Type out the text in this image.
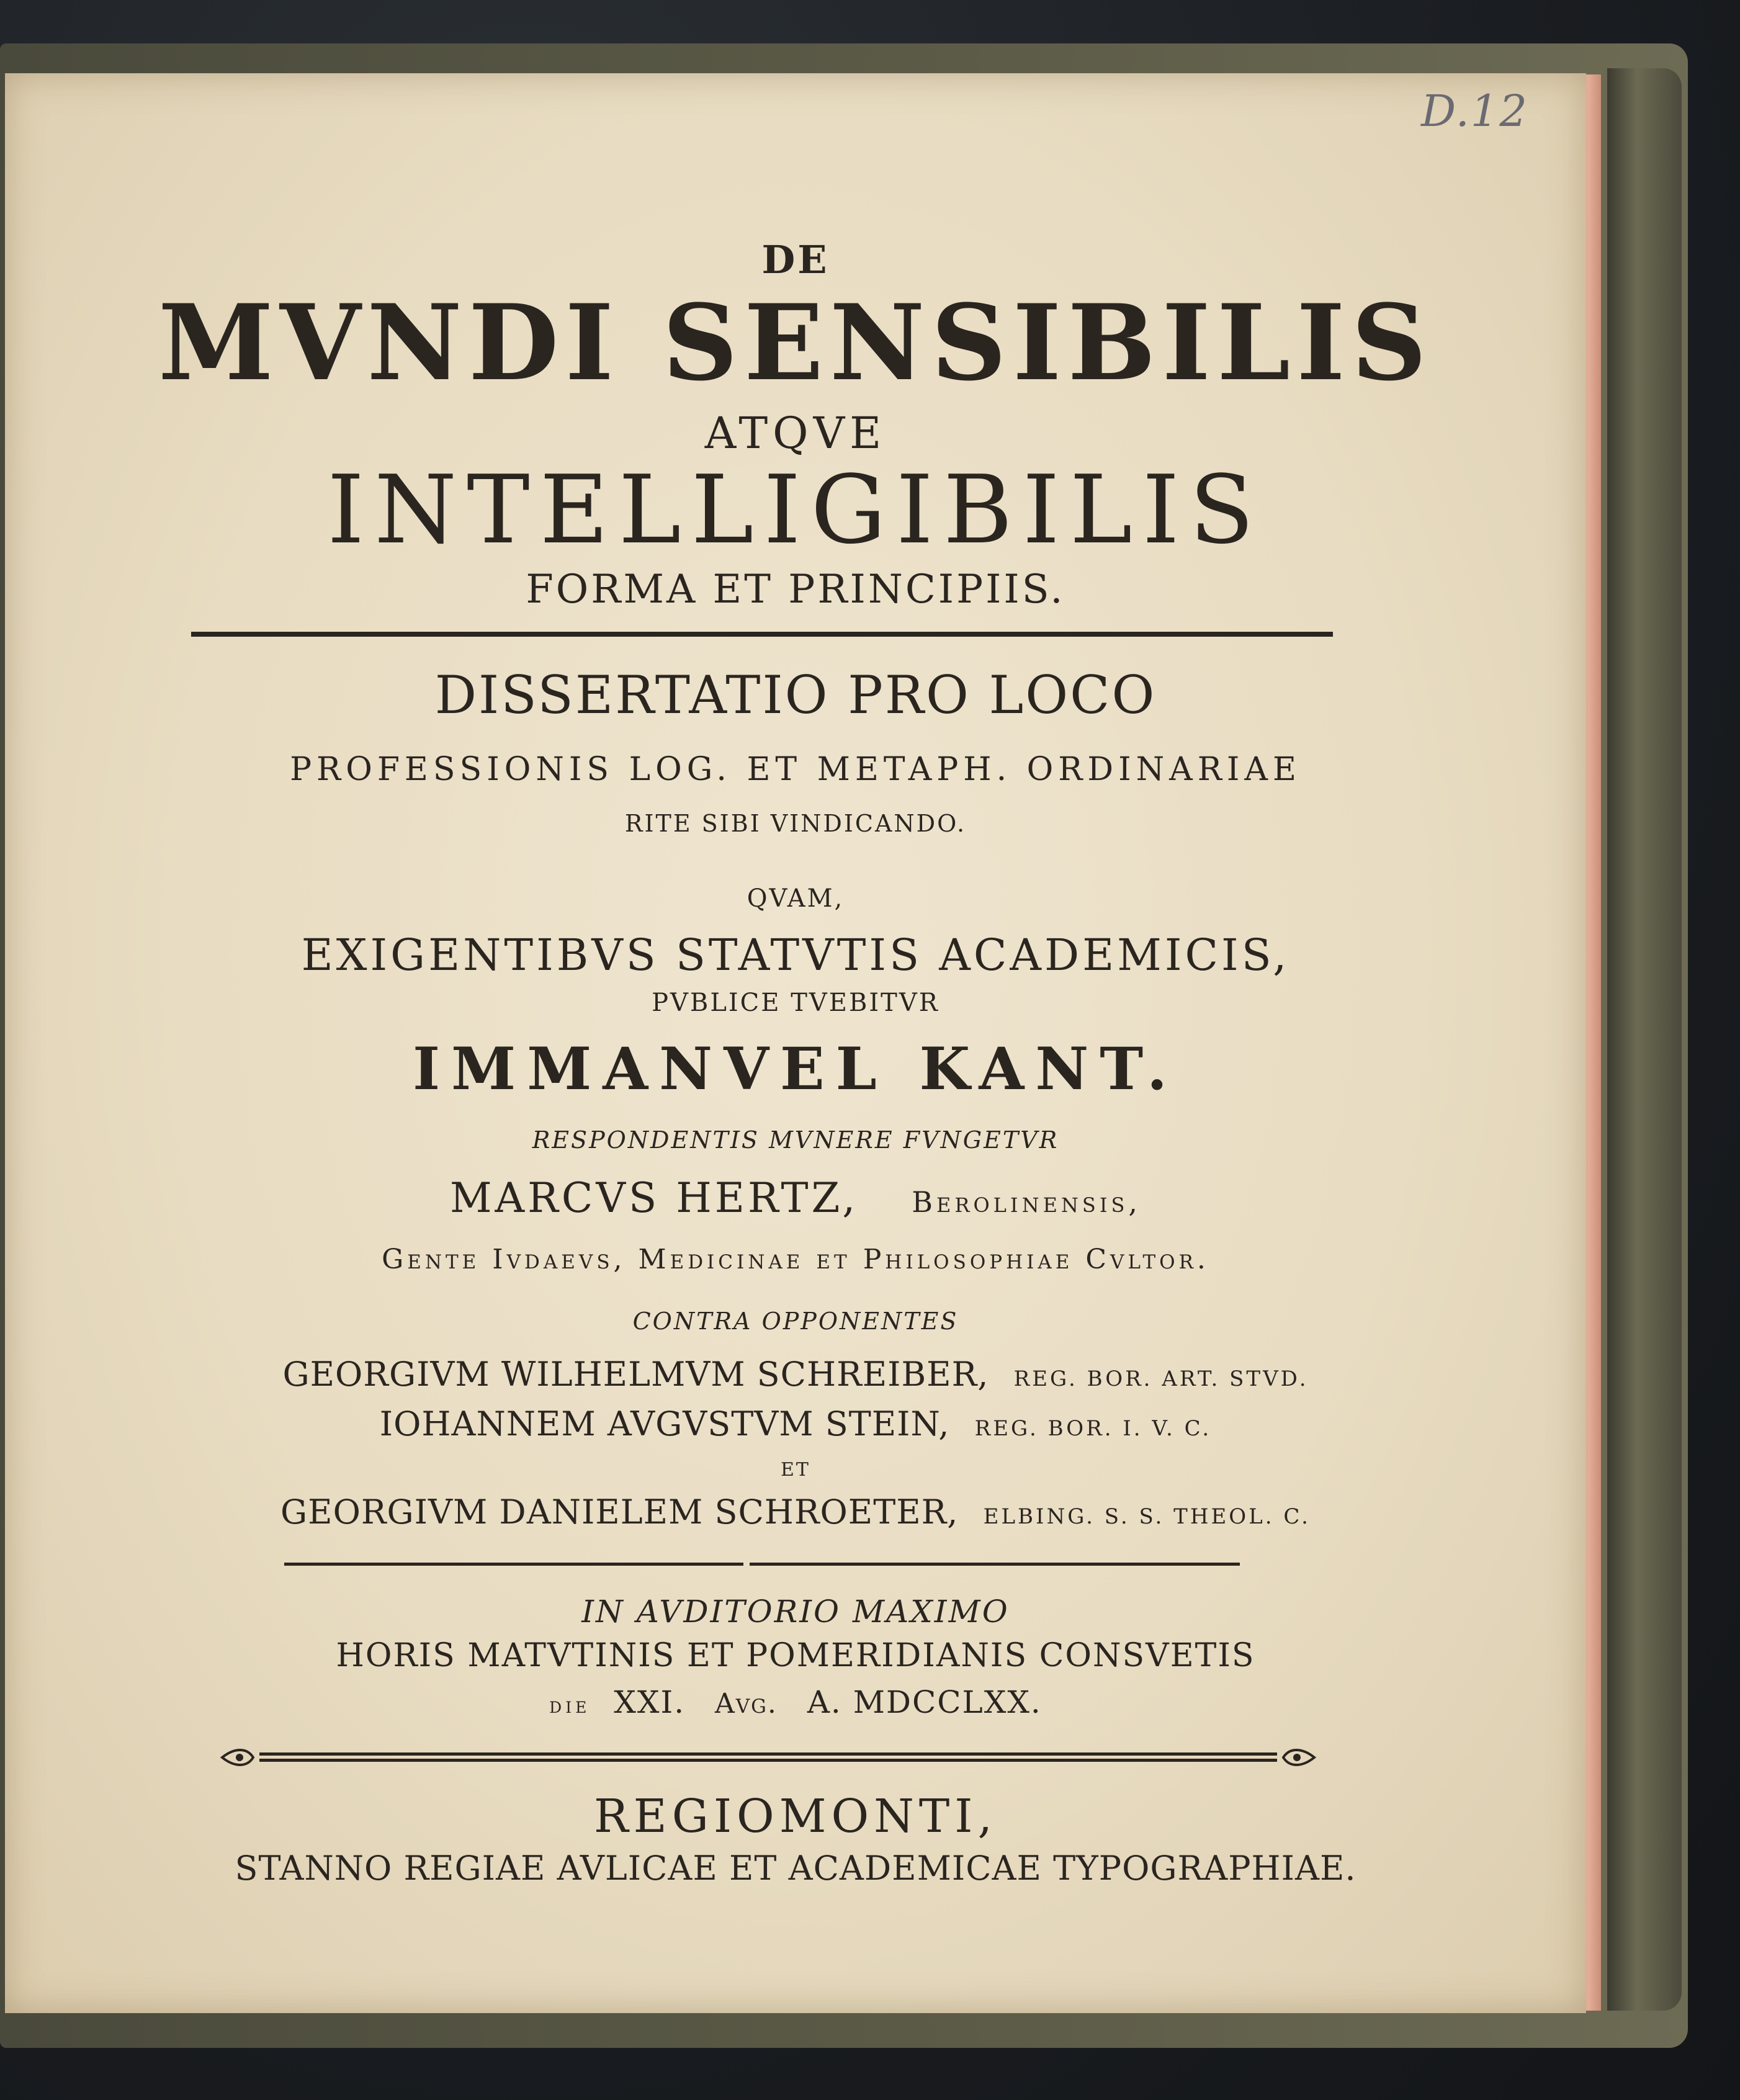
DE
MVNDI SENSIBILIS
ATQVE
INTELLIGIBILIS
FORMA ET PRINCIPIIS.
DISSERTATIO PRO LOCO
PROFESSIONIS LOG. ET METAPH. ORDINARIAE
RITE SIBI VINDICANDO.
QVAM,
EXIGENTIBVS STATVTIS ACADEMICIS,
PVBLICE TVEBITVR
IMMANVEL KANT.
RESPONDENTIS MVNERE FVNGETVR
MARCVS HERTZ, Berolinensis,
Gente Ivdaevs, Medicinae et Philosophiae Cvltor.
CONTRA OPPONENTES
GEORGIVM WILHELMVM SCHREIBER, REG. BOR. ART. STVD.
IOHANNEM AVGVSTVM STEIN, REG. BOR. I. V. C.
ET
GEORGIVM DANIELEM SCHROETER, ELBING. S. S. THEOL. C.
IN AVDITORIO MAXIMO
HORIS MATVTINIS ET POMERIDIANIS CONSVETIS
die XXI. Avg. A. MDCCLXX.
REGIOMONTI,
STANNO REGIAE AVLICAE ET ACADEMICAE TYPOGRAPHIAE.
D.12
